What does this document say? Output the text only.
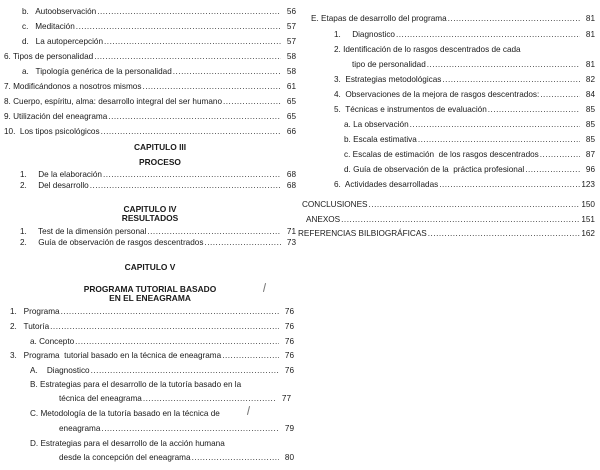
b.   Autoobservación .....	56
c.   Meditación .....	57
d.   La autopercepción .....	57
6. Tipos de personalidad .....	58
a.   Tipología genérica de la personalidad .....	58
7. Modificándonos a nosotros mismos .....	61
8. Cuerpo, espíritu, alma: desarrollo integral del ser humano .....	65
9. Utilización del eneagrama .....	65
10.  Los tipos psicológicos .....	66
CAPITULO III
PROCESO
1.     De la elaboración .....	68
2.     Del desarrollo .....	68
CAPITULO IV
RESULTADOS
1.     Test de la dimensión personal .....	71
2.     Guía de observación de rasgos descentrados .....	73
CAPITULO V
PROGRAMA TUTORIAL BASADO
EN EL ENEAGRAMA
1.   Programa .....	76
2.   Tutoría .....	76
a. Concepto .....	76
3.   Programa  tutorial basado en la técnica de eneagrama .....	76
A.    Diagnostico .....	76
B. Estrategias para el desarrollo de la tutoría basado en la
técnica del eneagrama .....	77
C. Metodología de la tutoría basado en la técnica de
eneagrama .....	79
D. Estrategias para el desarrollo de la acción humana
desde la concepción del eneagrama .....	80
E. Etapas de desarrollo del programa .....	81
1.     Diagnostico .....	81
2. Identificación de lo rasgos descentrados de cada
tipo de personalidad .....	81
3.  Estrategias metodológicas .....	82
4.  Observaciones de la mejora de rasgos descentrados: .....	84
5.  Técnicas e instrumentos de evaluación .....	85
a. La observación .....	85
b. Escala estimativa .....	85
c. Escalas de estimación  de los rasgos descentrados .....	87
d. Guía de observación de la  práctica profesional .....	96
6.  Actividades desarrolladas .....	123
CONCLUSIONES .....	150
ANEXOS .....	151
REFERENCIAS BILBIOGRÁFICAS .....	162
